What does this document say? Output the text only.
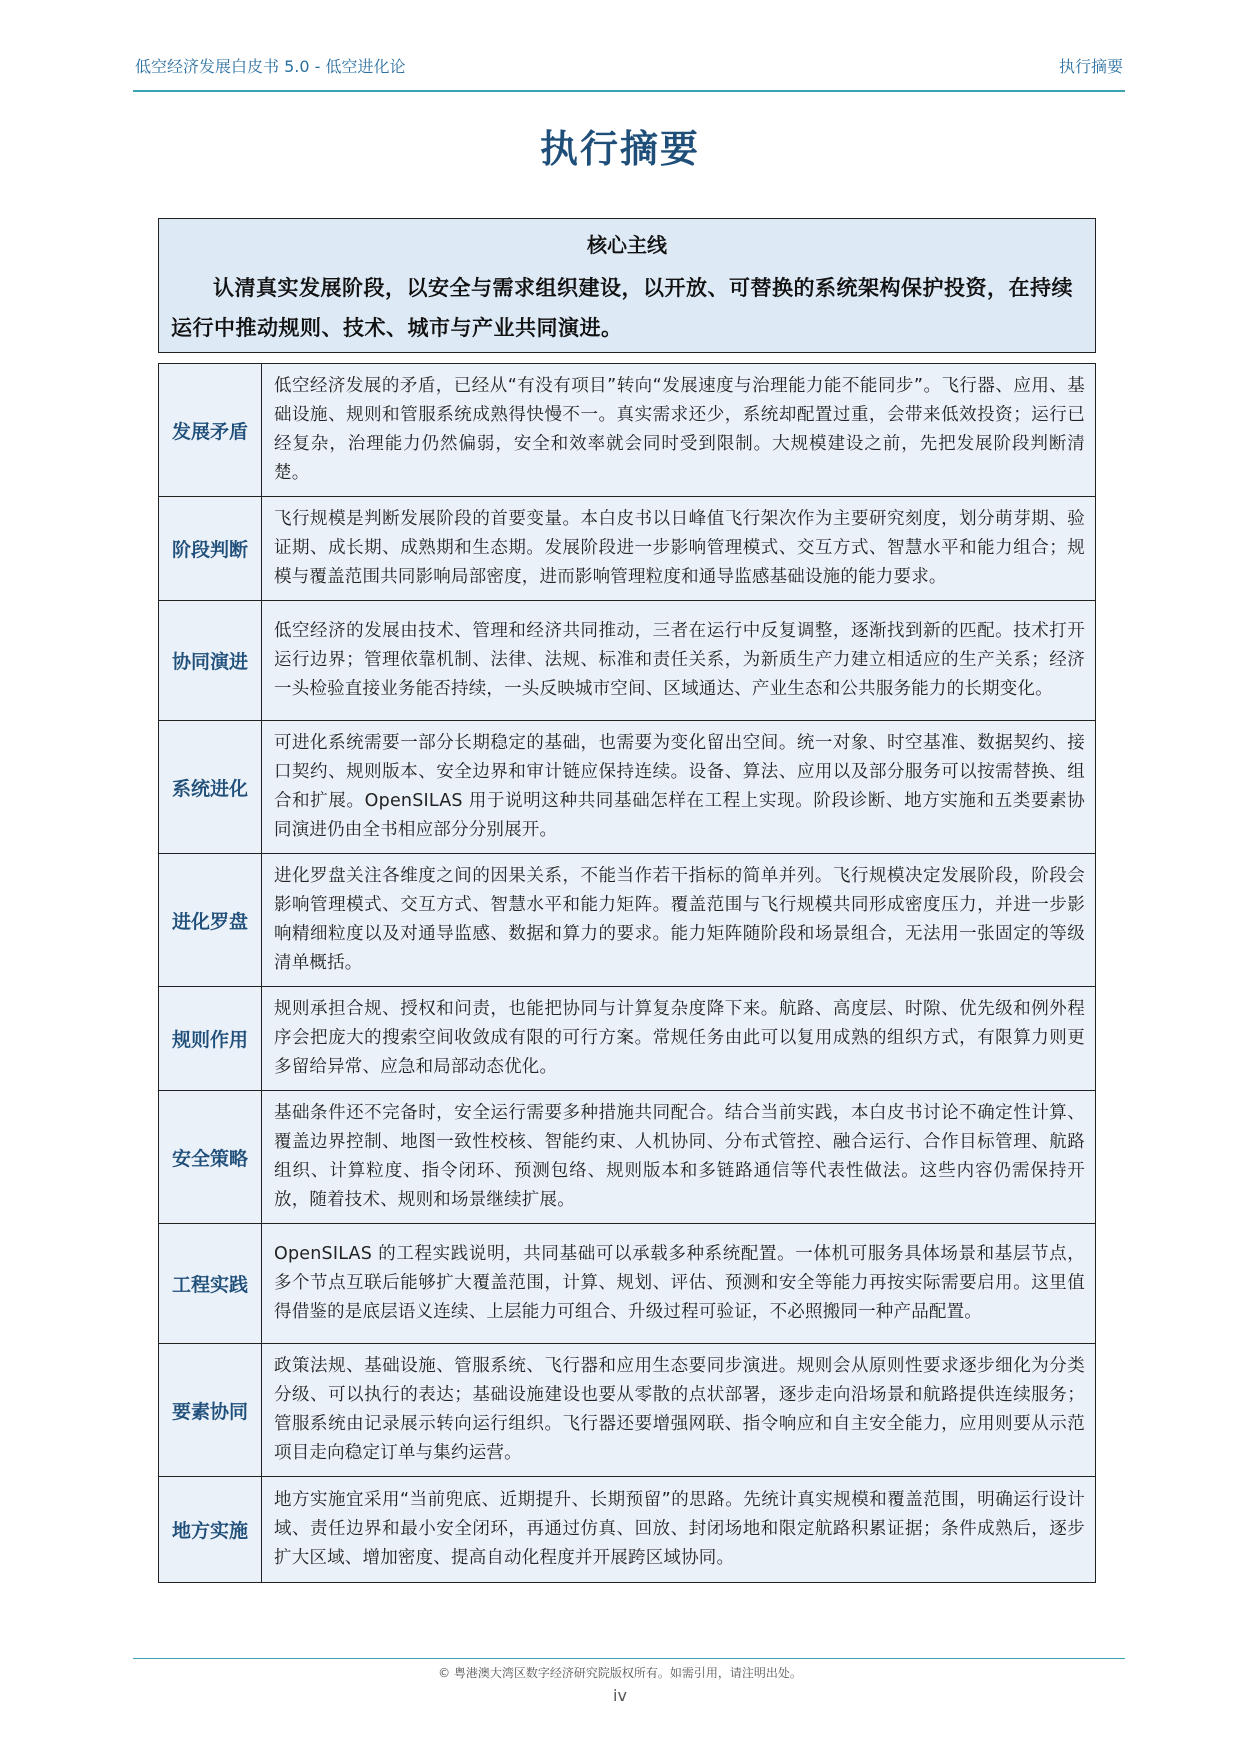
低空经济发展白皮书 5.0 - 低空进化论	执行摘要
执行摘要
核心主线
认清真实发展阶段，以安全与需求组织建设，以开放、可替换的系统架构保护投资，在持续运行中推动规则、技术、城市与产业共同演进。
发展矛盾	低空经济发展的矛盾，已经从“有没有项目”转向“发展速度与治理能力能不能同步”。飞行器、应用、基础设施、规则和管服系统成熟得快慢不一。真实需求还少，系统却配置过重，会带来低效投资；运行已经复杂，治理能力仍然偏弱，安全和效率就会同时受到限制。大规模建设之前，先把发展阶段判断清楚。
阶段判断	飞行规模是判断发展阶段的首要变量。本白皮书以日峰值飞行架次作为主要研究刻度，划分萌芽期、验证期、成长期、成熟期和生态期。发展阶段进一步影响管理模式、交互方式、智慧水平和能力组合；规模与覆盖范围共同影响局部密度，进而影响管理粒度和通导监感基础设施的能力要求。
协同演进	低空经济的发展由技术、管理和经济共同推动，三者在运行中反复调整，逐渐找到新的匹配。技术打开运行边界；管理依靠机制、法律、法规、标准和责任关系，为新质生产力建立相适应的生产关系；经济一头检验直接业务能否持续，一头反映城市空间、区域通达、产业生态和公共服务能力的长期变化。
系统进化	可进化系统需要一部分长期稳定的基础，也需要为变化留出空间。统一对象、时空基准、数据契约、接口契约、规则版本、安全边界和审计链应保持连续。设备、算法、应用以及部分服务可以按需替换、组合和扩展。OpenSILAS 用于说明这种共同基础怎样在工程上实现。阶段诊断、地方实施和五类要素协同演进仍由全书相应部分分别展开。
进化罗盘	进化罗盘关注各维度之间的因果关系，不能当作若干指标的简单并列。飞行规模决定发展阶段，阶段会影响管理模式、交互方式、智慧水平和能力矩阵。覆盖范围与飞行规模共同形成密度压力，并进一步影响精细粒度以及对通导监感、数据和算力的要求。能力矩阵随阶段和场景组合，无法用一张固定的等级清单概括。
规则作用	规则承担合规、授权和问责，也能把协同与计算复杂度降下来。航路、高度层、时隙、优先级和例外程序会把庞大的搜索空间收敛成有限的可行方案。常规任务由此可以复用成熟的组织方式，有限算力则更多留给异常、应急和局部动态优化。
安全策略	基础条件还不完备时，安全运行需要多种措施共同配合。结合当前实践，本白皮书讨论不确定性计算、覆盖边界控制、地图一致性校核、智能约束、人机协同、分布式管控、融合运行、合作目标管理、航路组织、计算粒度、指令闭环、预测包络、规则版本和多链路通信等代表性做法。这些内容仍需保持开放，随着技术、规则和场景继续扩展。
工程实践	OpenSILAS 的工程实践说明，共同基础可以承载多种系统配置。一体机可服务具体场景和基层节点，多个节点互联后能够扩大覆盖范围，计算、规划、评估、预测和安全等能力再按实际需要启用。这里值得借鉴的是底层语义连续、上层能力可组合、升级过程可验证，不必照搬同一种产品配置。
要素协同	政策法规、基础设施、管服系统、飞行器和应用生态要同步演进。规则会从原则性要求逐步细化为分类分级、可以执行的表达；基础设施建设也要从零散的点状部署，逐步走向沿场景和航路提供连续服务；管服系统由记录展示转向运行组织。飞行器还要增强网联、指令响应和自主安全能力，应用则要从示范项目走向稳定订单与集约运营。
地方实施	地方实施宜采用“当前兜底、近期提升、长期预留”的思路。先统计真实规模和覆盖范围，明确运行设计域、责任边界和最小安全闭环，再通过仿真、回放、封闭场地和限定航路积累证据；条件成熟后，逐步扩大区域、增加密度、提高自动化程度并开展跨区域协同。
© 粤港澳大湾区数字经济研究院版权所有。如需引用，请注明出处。
iv
